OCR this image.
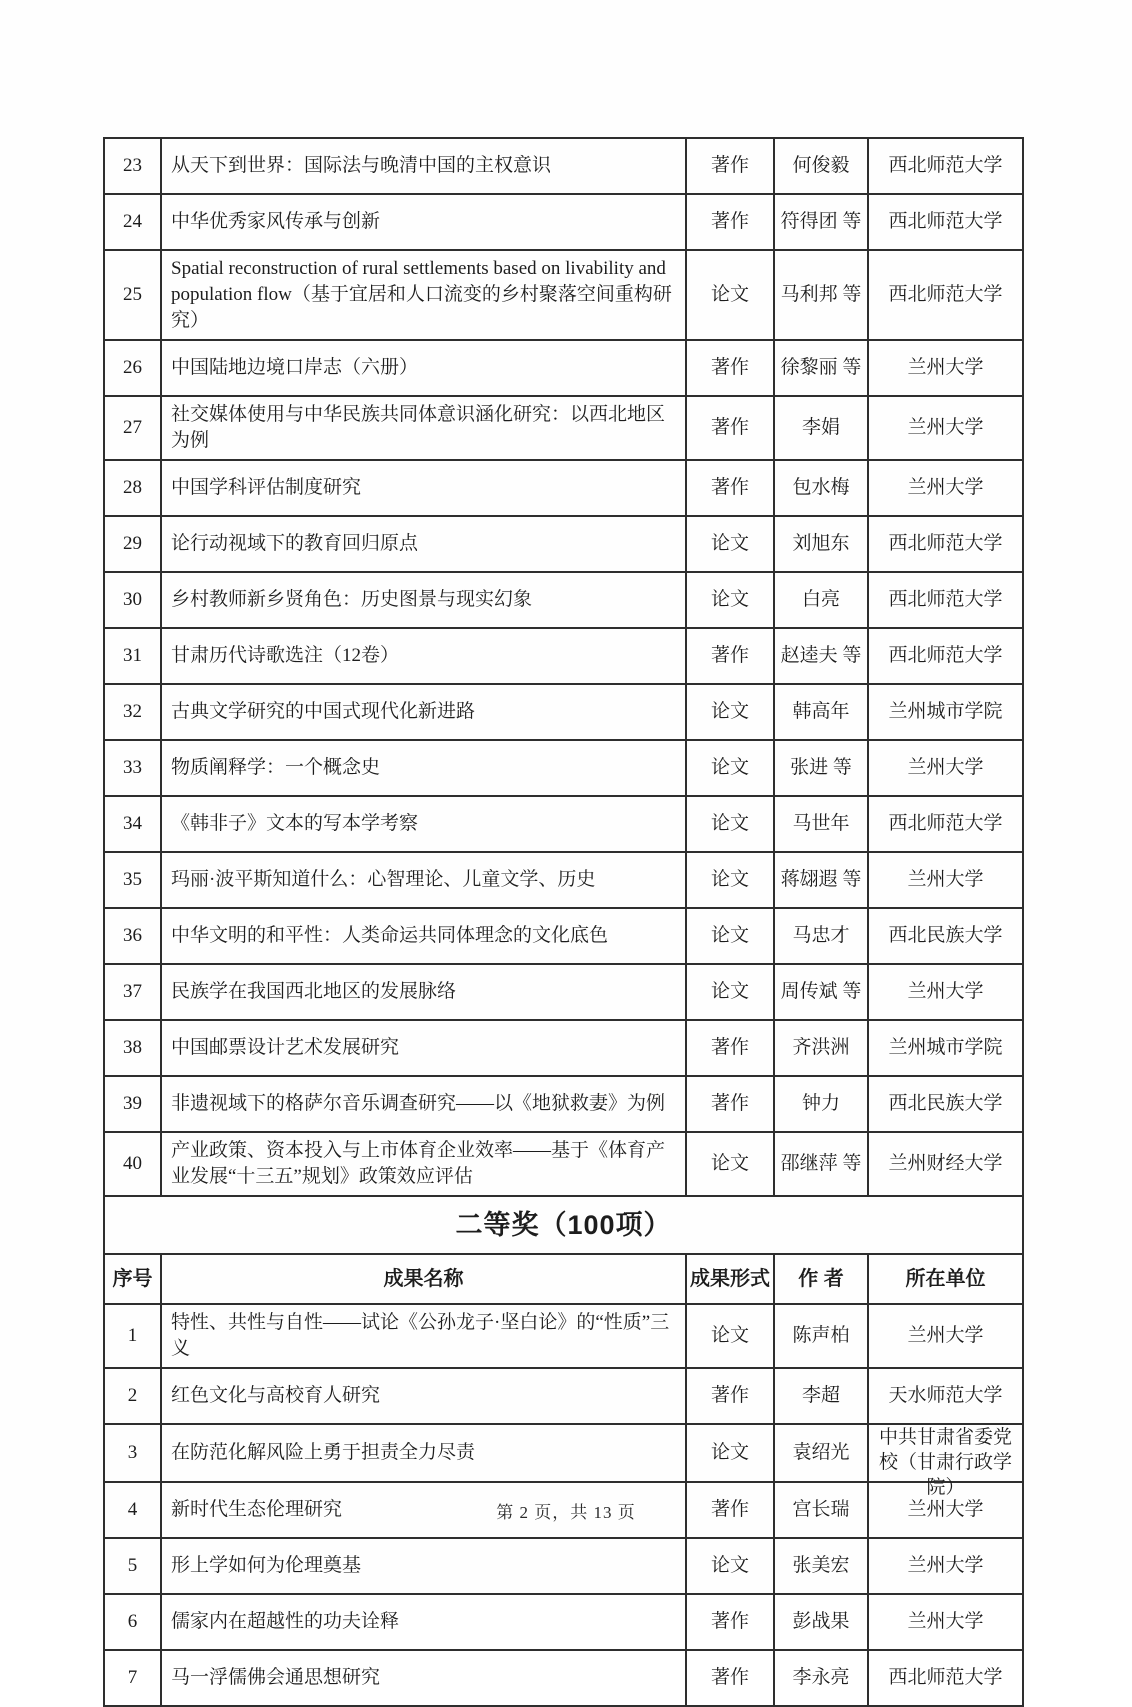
23	从天下到世界：国际法与晚清中国的主权意识	著作	何俊毅	西北师范大学
24	中华优秀家风传承与创新	著作	符得团 等	西北师范大学
25	Spatial reconstruction of rural settlements based on livability and population flow（基于宜居和人口流变的乡村聚落空间重构研究）	论文	马利邦 等	西北师范大学
26	中国陆地边境口岸志（六册）	著作	徐黎丽 等	兰州大学
27	社交媒体使用与中华民族共同体意识涵化研究：以西北地区为例	著作	李娟	兰州大学
28	中国学科评估制度研究	著作	包水梅	兰州大学
29	论行动视域下的教育回归原点	论文	刘旭东	西北师范大学
30	乡村教师新乡贤角色：历史图景与现实幻象	论文	白亮	西北师范大学
31	甘肃历代诗歌选注（12卷）	著作	赵逵夫 等	西北师范大学
32	古典文学研究的中国式现代化新进路	论文	韩高年	兰州城市学院
33	物质阐释学：一个概念史	论文	张进 等	兰州大学
34	《韩非子》文本的写本学考察	论文	马世年	西北师范大学
35	玛丽·波平斯知道什么：心智理论、儿童文学、历史	论文	蒋翃遐 等	兰州大学
36	中华文明的和平性：人类命运共同体理念的文化底色	论文	马忠才	西北民族大学
37	民族学在我国西北地区的发展脉络	论文	周传斌 等	兰州大学
38	中国邮票设计艺术发展研究	著作	齐洪洲	兰州城市学院
39	非遗视域下的格萨尔音乐调查研究——以《地狱救妻》为例	著作	钟力	西北民族大学
40	产业政策、资本投入与上市体育企业效率——基于《体育产业发展“十三五”规划》政策效应评估	论文	邵继萍 等	兰州财经大学
二等奖（100项）				
序号	成果名称	成果形式	作 者	所在单位
1	特性、共性与自性——试论《公孙龙子·坚白论》的“性质”三义	论文	陈声柏	兰州大学
2	红色文化与高校育人研究	著作	李超	天水师范大学
3	在防范化解风险上勇于担责全力尽责	论文	袁绍光	中共甘肃省委党校（甘肃行政学院）

4	新时代生态伦理研究	著作	宫长瑞	兰州大学
5	形上学如何为伦理奠基	论文	张美宏	兰州大学
6	儒家内在超越性的功夫诠释	著作	彭战果	兰州大学
7	马一浮儒佛会通思想研究	著作	李永亮	西北师范大学
第 2 页，共 13 页
